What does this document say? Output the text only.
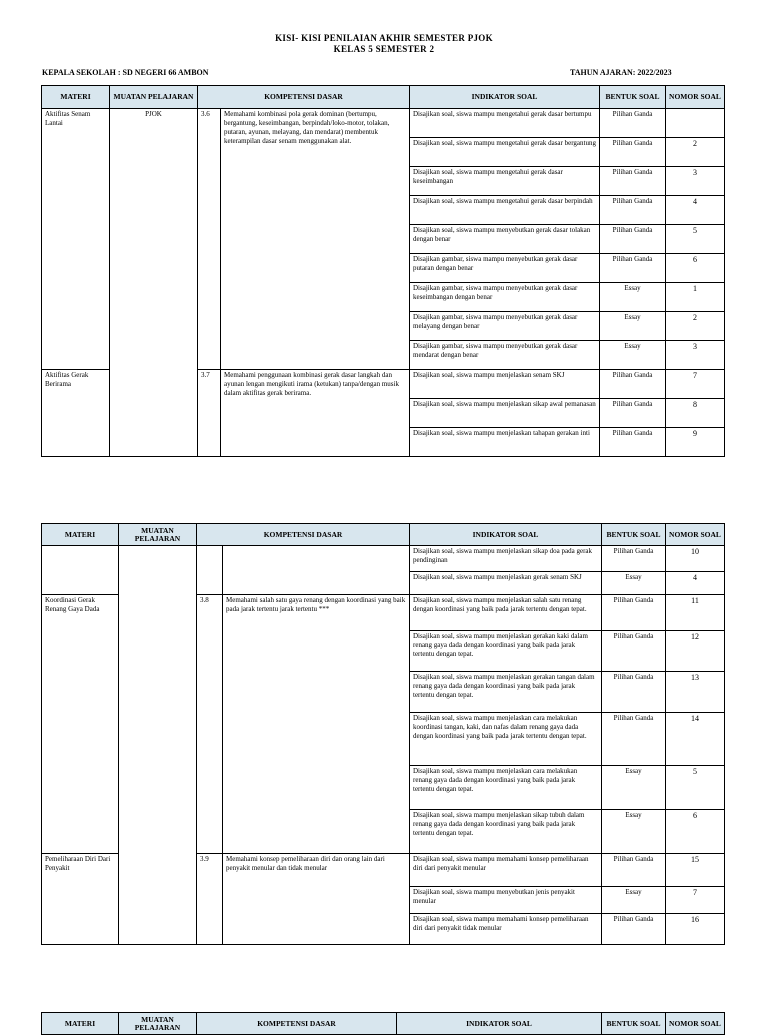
KISI- KISI PENILAIAN AKHIR SEMESTER PJOK
KELAS 5 SEMESTER 2
KEPALA SEKOLAH : SD NEGERI 66 AMBON	TAHUN AJARAN: 2022/2023
MATERI	MUATAN PELAJARAN	KOMPETENSI DASAR		INDIKATOR SOAL	BENTUK SOAL	NOMOR SOAL
Aktifitas Senam Lantai	PJOK	3.6	Memahami kombinasi pola gerak dominan (bertumpu, bergantung, keseimbangan, berpindah/loko-motor, tolakan, putaran, ayunan, melayang, dan mendarat) membentuk keterampilan dasar senam menggunakan alat.	Disajikan soal, siswa mampu mengetahui gerak dasar bertumpu	Pilihan Ganda	
				Disajikan soal, siswa mampu mengetahui gerak dasar bergantung	Pilihan Ganda	2
				Disajikan soal, siswa mampu mengetahui gerak dasar keseimbangan	Pilihan Ganda	3
				Disajikan soal, siswa mampu mengetahui gerak dasar berpindah	Pilihan Ganda	4
				Disajikan soal, siswa mampu menyebutkan gerak dasar tolakan dengan benar	Pilihan Ganda	5
				Disajikan gambar, siswa mampu menyebutkan gerak dasar putaran dengan benar	Pilihan Ganda	6
				Disajikan gambar, siswa mampu menyebutkan gerak dasar keseimbangan dengan benar	Essay	1
				Disajikan gambar, siswa mampu menyebutkan gerak dasar melayang dengan benar	Essay	2
				Disajikan gambar, siswa mampu menyebutkan gerak dasar mendarat dengan benar	Essay	3
Aktifitas Gerak Berirama		3.7	Memahami penggunaan kombinasi gerak dasar langkah dan ayunan lengan mengikuti irama (ketukan) tanpa/dengan musik dalam aktifitas gerak berirama.	Disajikan soal, siswa mampu menjelaskan senam SKJ	Pilihan Ganda	7
				Disajikan soal, siswa mampu menjelaskan sikap awal pemanasan	Pilihan Ganda	8
				Disajikan soal, siswa mampu menjelaskan tahapan gerakan inti	Pilihan Ganda	9
MATERI	MUATAN PELAJARAN	KOMPETENSI DASAR		INDIKATOR SOAL	BENTUK SOAL	NOMOR SOAL
				Disajikan soal, siswa mampu menjelaskan sikap doa pada gerak pendinginan	Pilihan Ganda	10
				Disajikan soal, siswa mampu menjelaskan gerak senam SKJ	Essay	4
Koordinasi Gerak Renang Gaya Dada		3.8	Memahami salah satu gaya renang dengan koordinasi yang baik pada jarak tertentu jarak tertentu ***	Disajikan soal, siswa mampu menjelaskan salah satu renang dengan koordinasi yang baik pada jarak tertentu dengan tepat.	Pilihan Ganda	11
				Disajikan soal, siswa mampu menjelaskan gerakan kaki dalam renang gaya dada dengan koordinasi yang baik pada jarak tertentu dengan tepat.	Pilihan Ganda	12
				Disajikan soal, siswa mampu menjelaskan gerakan tangan dalam renang gaya dada dengan koordinasi yang baik pada jarak tertentu dengan tepat.	Pilihan Ganda	13
				Disajikan soal, siswa mampu menjelaskan cara melakukan koordinasi tangan, kaki, dan nafas dalam renang gaya dada dengan koordinasi yang baik pada jarak tertentu dengan tepat.	Pilihan Ganda	14
				Disajikan soal, siswa mampu menjelaskan cara melakukan renang gaya dada dengan koordinasi yang baik pada jarak tertentu dengan tepat.	Essay	5
				Disajikan soal, siswa mampu menjelaskan sikap tubuh dalam renang gaya dada dengan koordinasi yang baik pada jarak tertentu dengan tepat.	Essay	6
Pemeliharaan Diri Dari Penyakit		3.9	Memahami konsep pemeliharaan diri dan orang lain dari penyakit menular dan tidak menular	Disajikan soal, siswa mampu memahami konsep pemeliharaan diri dari penyakit menular	Pilihan Ganda	15
				Disajikan soal, siswa mampu menyebutkan jenis penyakit menular	Essay	7
				Disajikan soal, siswa mampu memahami konsep pemeliharaan diri dari penyakit tidak menular	Pilihan Ganda	16
MATERI	MUATAN PELAJARAN	KOMPETENSI DASAR	INDIKATOR SOAL	BENTUK SOAL	NOMOR SOAL
